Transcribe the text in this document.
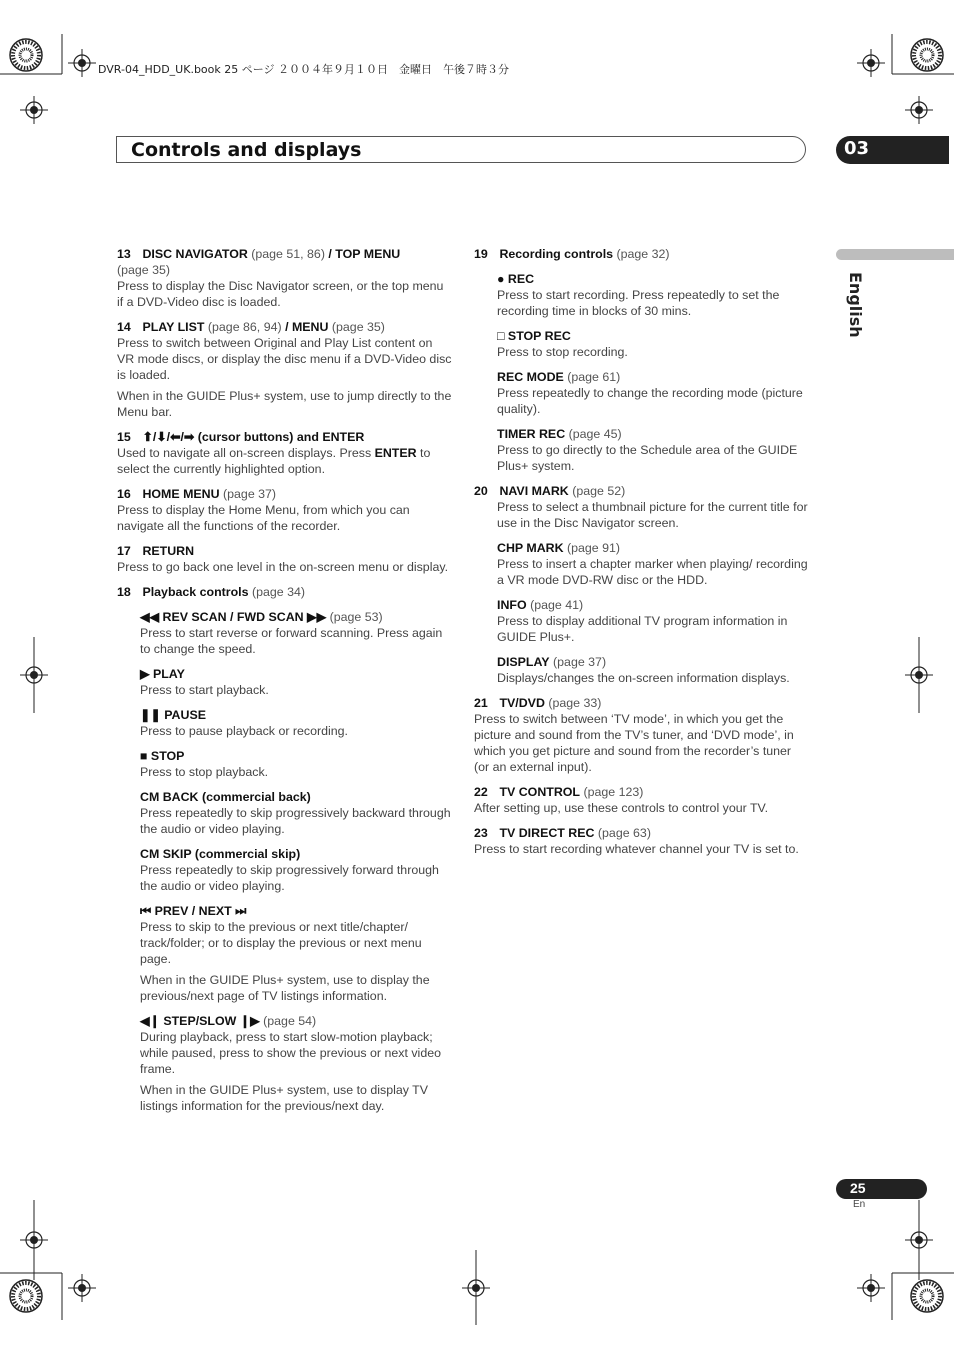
DVR-04_HDD_UK.book 25 ページ ２００４年９月１０日　金曜日　午後７時３分
Controls and displays	03
English
13 DISC NAVIGATOR (page 51, 86) / TOP MENU
(page 35)
Press to display the Disc Navigator screen, or the top menu if a DVD-Video disc is loaded.
14 PLAY LIST (page 86, 94) / MENU (page 35)
Press to switch between Original and Play List content on VR mode discs, or display the disc menu if a DVD-Video disc is loaded.
When in the GUIDE Plus+ system, use to jump directly to the Menu bar.
15 ⬆/⬇/⬅/➡ (cursor buttons) and ENTER
Used to navigate all on-screen displays. Press ENTER to select the currently highlighted option.
16 HOME MENU (page 37)
Press to display the Home Menu, from which you can navigate all the functions of the recorder.
17 RETURN
Press to go back one level in the on-screen menu or display.
18 Playback controls (page 34)
◀◀ REV SCAN / FWD SCAN ▶▶ (page 53)
Press to start reverse or forward scanning. Press again to change the speed.
▶ PLAY
Press to start playback.
❚❚ PAUSE
Press to pause playback or recording.
■ STOP
Press to stop playback.
CM BACK (commercial back)
Press repeatedly to skip progressively backward through the audio or video playing.
CM SKIP (commercial skip)
Press repeatedly to skip progressively forward through the audio or video playing.
⏮ PREV / NEXT ⏭
Press to skip to the previous or next title/chapter/ track/folder; or to display the previous or next menu page.
When in the GUIDE Plus+ system, use to display the previous/next page of TV listings information.
◀❙ STEP/SLOW ❙▶ (page 54)
During playback, press to start slow-motion playback; while paused, press to show the previous or next video frame.
When in the GUIDE Plus+ system, use to display TV listings information for the previous/next day.
19 Recording controls (page 32)
● REC
Press to start recording. Press repeatedly to set the recording time in blocks of 30 mins.
□ STOP REC
Press to stop recording.
REC MODE (page 61)
Press repeatedly to change the recording mode (picture quality).
TIMER REC (page 45)
Press to go directly to the Schedule area of the GUIDE Plus+ system.
20 NAVI MARK (page 52)

Press to select a thumbnail picture for the current title for use in the Disc Navigator screen.
CHP MARK (page 91)
Press to insert a chapter marker when playing/ recording a VR mode DVD-RW disc or the HDD.
INFO (page 41)
Press to display additional TV program information in GUIDE Plus+.
DISPLAY (page 37)
Displays/changes the on-screen information displays.
21 TV/DVD (page 33)
Press to switch between ‘TV mode’, in which you get the picture and sound from the TV’s tuner, and ‘DVD mode’, in which you get picture and sound from the recorder’s tuner (or an external input).
22 TV CONTROL (page 123)
After setting up, use these controls to control your TV.
23 TV DIRECT REC (page 63)
Press to start recording whatever channel your TV is set to.
25
En
